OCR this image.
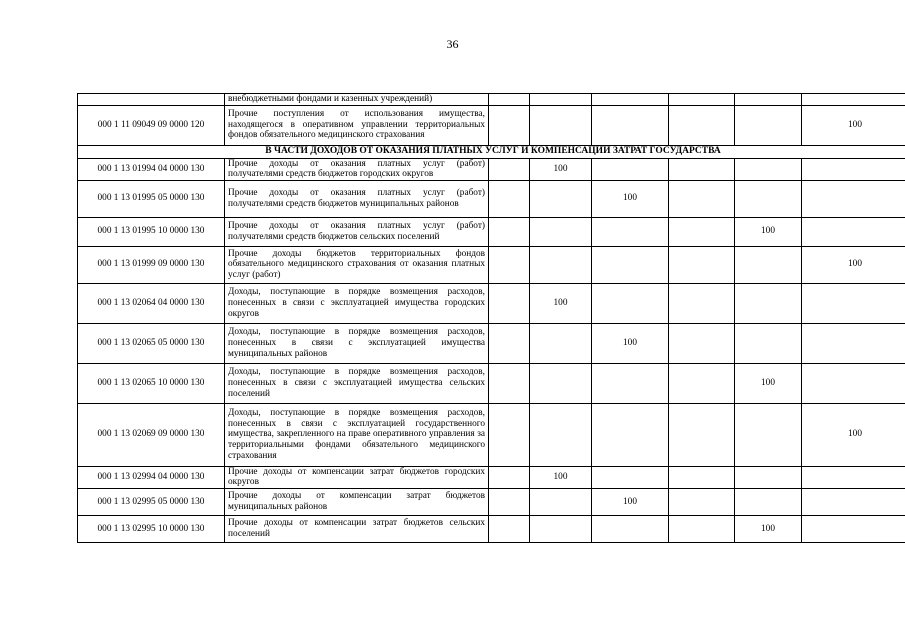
36
	внебюджетными фондами и казенных учреждений)						
000 1 11 09049 09 0000 120	Прочие поступления от использования имущества, находящегося в оперативном управлении территориальных фондов обязательного медицинского страхования						100
В ЧАСТИ ДОХОДОВ ОТ ОКАЗАНИЯ ПЛАТНЫХ УСЛУГ И КОМПЕНСАЦИИ ЗАТРАТ ГОСУДАРСТВА							
000 1 13 01994 04 0000 130	Прочие доходы от оказания платных услуг (работ) получателями средств бюджетов городских округов		100				
000 1 13 01995 05 0000 130	Прочие доходы от оказания платных услуг (работ) получателями средств бюджетов муниципальных районов			100			
000 1 13 01995 10 0000 130	Прочие доходы от оказания платных услуг (работ) получателями средств бюджетов сельских поселений					100	
000 1 13 01999 09 0000 130	Прочие доходы бюджетов территориальных фондов обязательного медицинского страхования от оказания платных услуг (работ)						100
000 1 13 02064 04 0000 130	Доходы, поступающие в порядке возмещения расходов, понесенных в связи с эксплуатацией имущества городских округов		100				
000 1 13 02065 05 0000 130	Доходы, поступающие в порядке возмещения расходов, понесенных в связи с эксплуатацией имущества муниципальных районов			100			
000 1 13 02065 10 0000 130	Доходы, поступающие в порядке возмещения расходов, понесенных в связи с эксплуатацией имущества сельских поселений					100	
000 1 13 02069 09 0000 130	Доходы, поступающие в порядке возмещения расходов, понесенных в связи с эксплуатацией государственного имущества, закрепленного на праве оперативного управления за территориальными фондами обязательного медицинского страхования						100
000 1 13 02994 04 0000 130	Прочие доходы от компенсации затрат бюджетов городских округов		100				
000 1 13 02995 05 0000 130	Прочие доходы от компенсации затрат бюджетов муниципальных районов			100			
000 1 13 02995 10 0000 130	Прочие доходы от компенсации затрат бюджетов сельских поселений					100	
